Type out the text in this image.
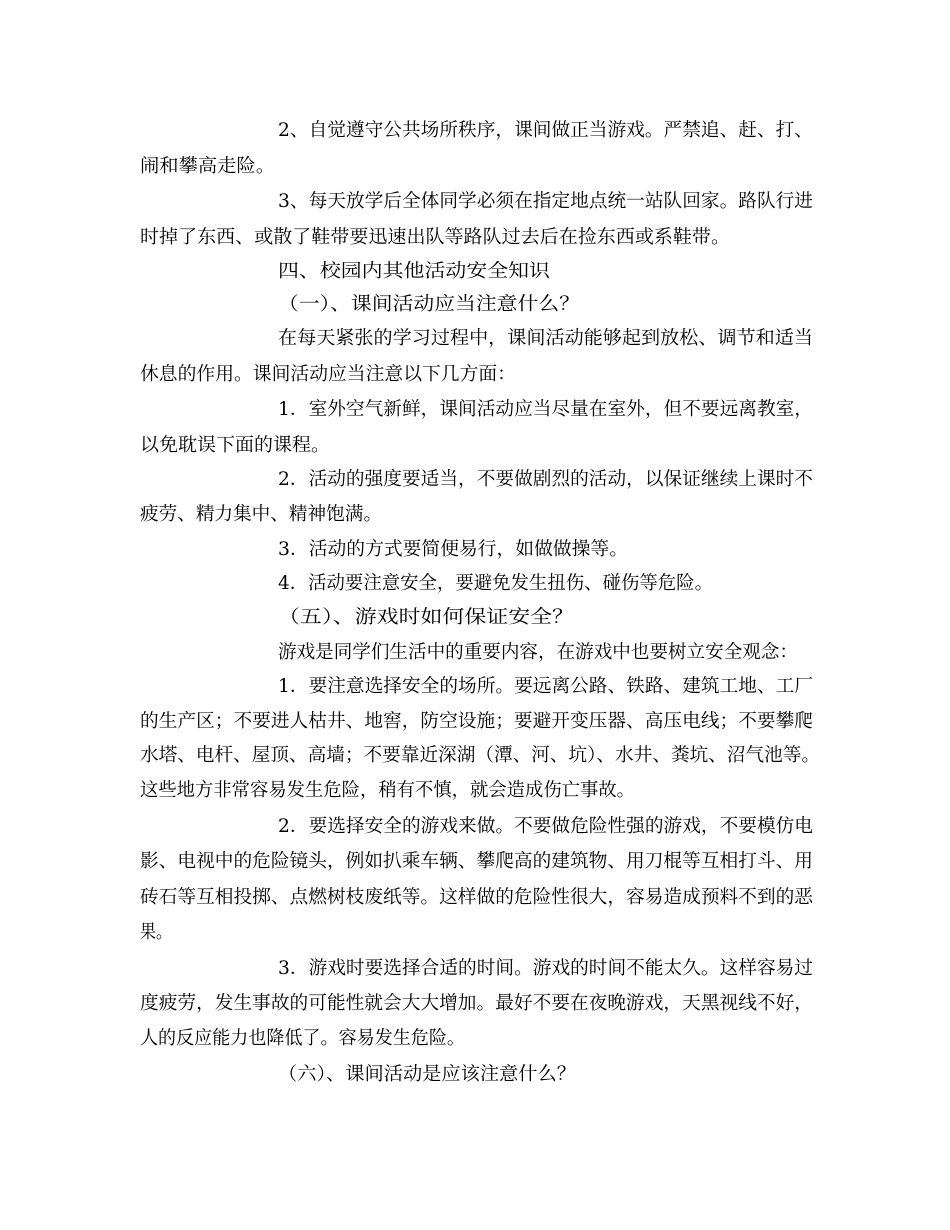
2、自觉遵守公共场所秩序，课间做正当游戏。严禁追、赶、打、

闹和攀高走险。

3、每天放学后全体同学必须在指定地点统一站队回家。路队行进

时掉了东西、或散了鞋带要迅速出队等路队过去后在捡东西或系鞋带。

四、校园内其他活动安全知识

（一）、课间活动应当注意什么？

在每天紧张的学习过程中，课间活动能够起到放松、调节和适当

休息的作用。课间活动应当注意以下几方面：

1．室外空气新鲜，课间活动应当尽量在室外，但不要远离教室，

以免耽误下面的课程。

2．活动的强度要适当，不要做剧烈的活动，以保证继续上课时不

疲劳、精力集中、精神饱满。

3．活动的方式要简便易行，如做做操等。

4．活动要注意安全，要避免发生扭伤、碰伤等危险。

（五）、游戏时如何保证安全？

游戏是同学们生活中的重要内容，在游戏中也要树立安全观念：

1．要注意选择安全的场所。要远离公路、铁路、建筑工地、工厂

的生产区；不要进人枯井、地窖，防空设施；要避开变压器、高压电线；不要攀爬

水塔、电杆、屋顶、高墙；不要靠近深湖（潭、河、坑）、水井、粪坑、沼气池等。

这些地方非常容易发生危险，稍有不慎，就会造成伤亡事故。

2．要选择安全的游戏来做。不要做危险性强的游戏，不要模仿电

影、电视中的危险镜头，例如扒乘车辆、攀爬高的建筑物、用刀棍等互相打斗、用

砖石等互相投掷、点燃树枝废纸等。这样做的危险性很大，容易造成预料不到的恶

果。

3．游戏时要选择合适的时间。游戏的时间不能太久。这样容易过

度疲劳，发生事故的可能性就会大大增加。最好不要在夜晚游戏，天黑视线不好，

人的反应能力也降低了。容易发生危险。

（六）、课间活动是应该注意什么？
